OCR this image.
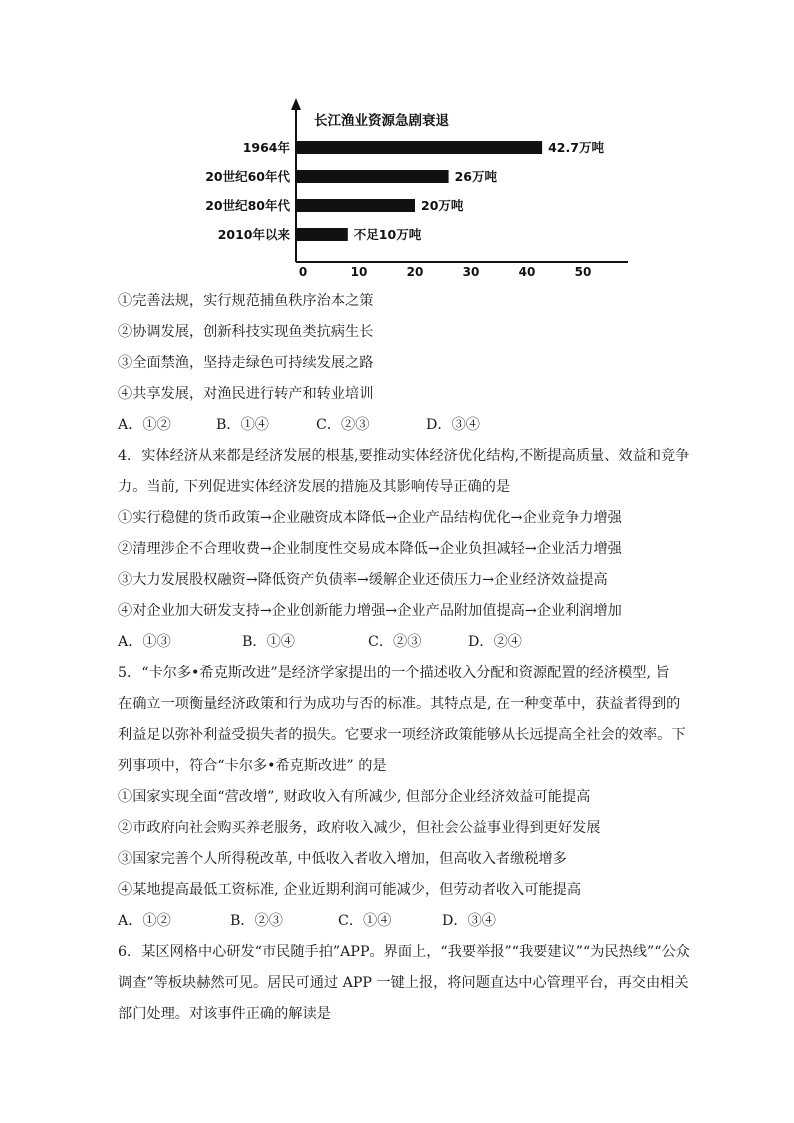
长江渔业资源急剧衰退
1964年	42.7万吨
20世纪60年代	26万吨
20世纪80年代	20万吨
2010年以来	不足10万吨
0	10	20	30	40	50
①完善法规，实行规范捕鱼秩序治本之策
②协调发展，创新科技实现鱼类抗病生长
③全面禁渔，坚持走绿色可持续发展之路
④共享发展，对渔民进行转产和转业培训
A．①②	B．①④	C．②③	D．③④
4．实体经济从来都是经济发展的根基,要推动实体经济优化结构,不断提高质量、效益和竞争
力。当前, 下列促进实体经济发展的措施及其影响传导正确的是
①实行稳健的货币政策→企业融资成本降低→企业产品结构优化→企业竞争力增强
②清理涉企不合理收费→企业制度性交易成本降低→企业负担减轻→企业活力增强
③大力发展股权融资→降低资产负债率→缓解企业还债压力→企业经济效益提高
④对企业加大研发支持→企业创新能力增强→企业产品附加值提高→企业利润增加
A．①③	B．①④	C．②③	D．②④
5．“卡尔多•希克斯改进”是经济学家提出的一个描述收入分配和资源配置的经济模型, 旨
在确立一项衡量经济政策和行为成功与否的标准。其特点是, 在一种变革中，获益者得到的
利益足以弥补利益受损失者的损失。它要求一项经济政策能够从长远提高全社会的效率。下
列事项中，符合“卡尔多•希克斯改进” 的是
①国家实现全面“营改增”, 财政收入有所减少, 但部分企业经济效益可能提高
②市政府向社会购买养老服务，政府收入减少，但社会公益事业得到更好发展
③国家完善个人所得税改革, 中低收入者收入增加，但高收入者缴税增多
④某地提高最低工资标准, 企业近期利润可能减少，但劳动者收入可能提高
A．①②	B．②③	C．①④	D．③④
6．某区网格中心研发“市民随手拍”APP。界面上，“我要举报”“我要建议”“为民热线”“公众
调查”等板块赫然可见。居民可通过 APP 一键上报，将问题直达中心管理平台，再交由相关
部门处理。对该事件正确的解读是
